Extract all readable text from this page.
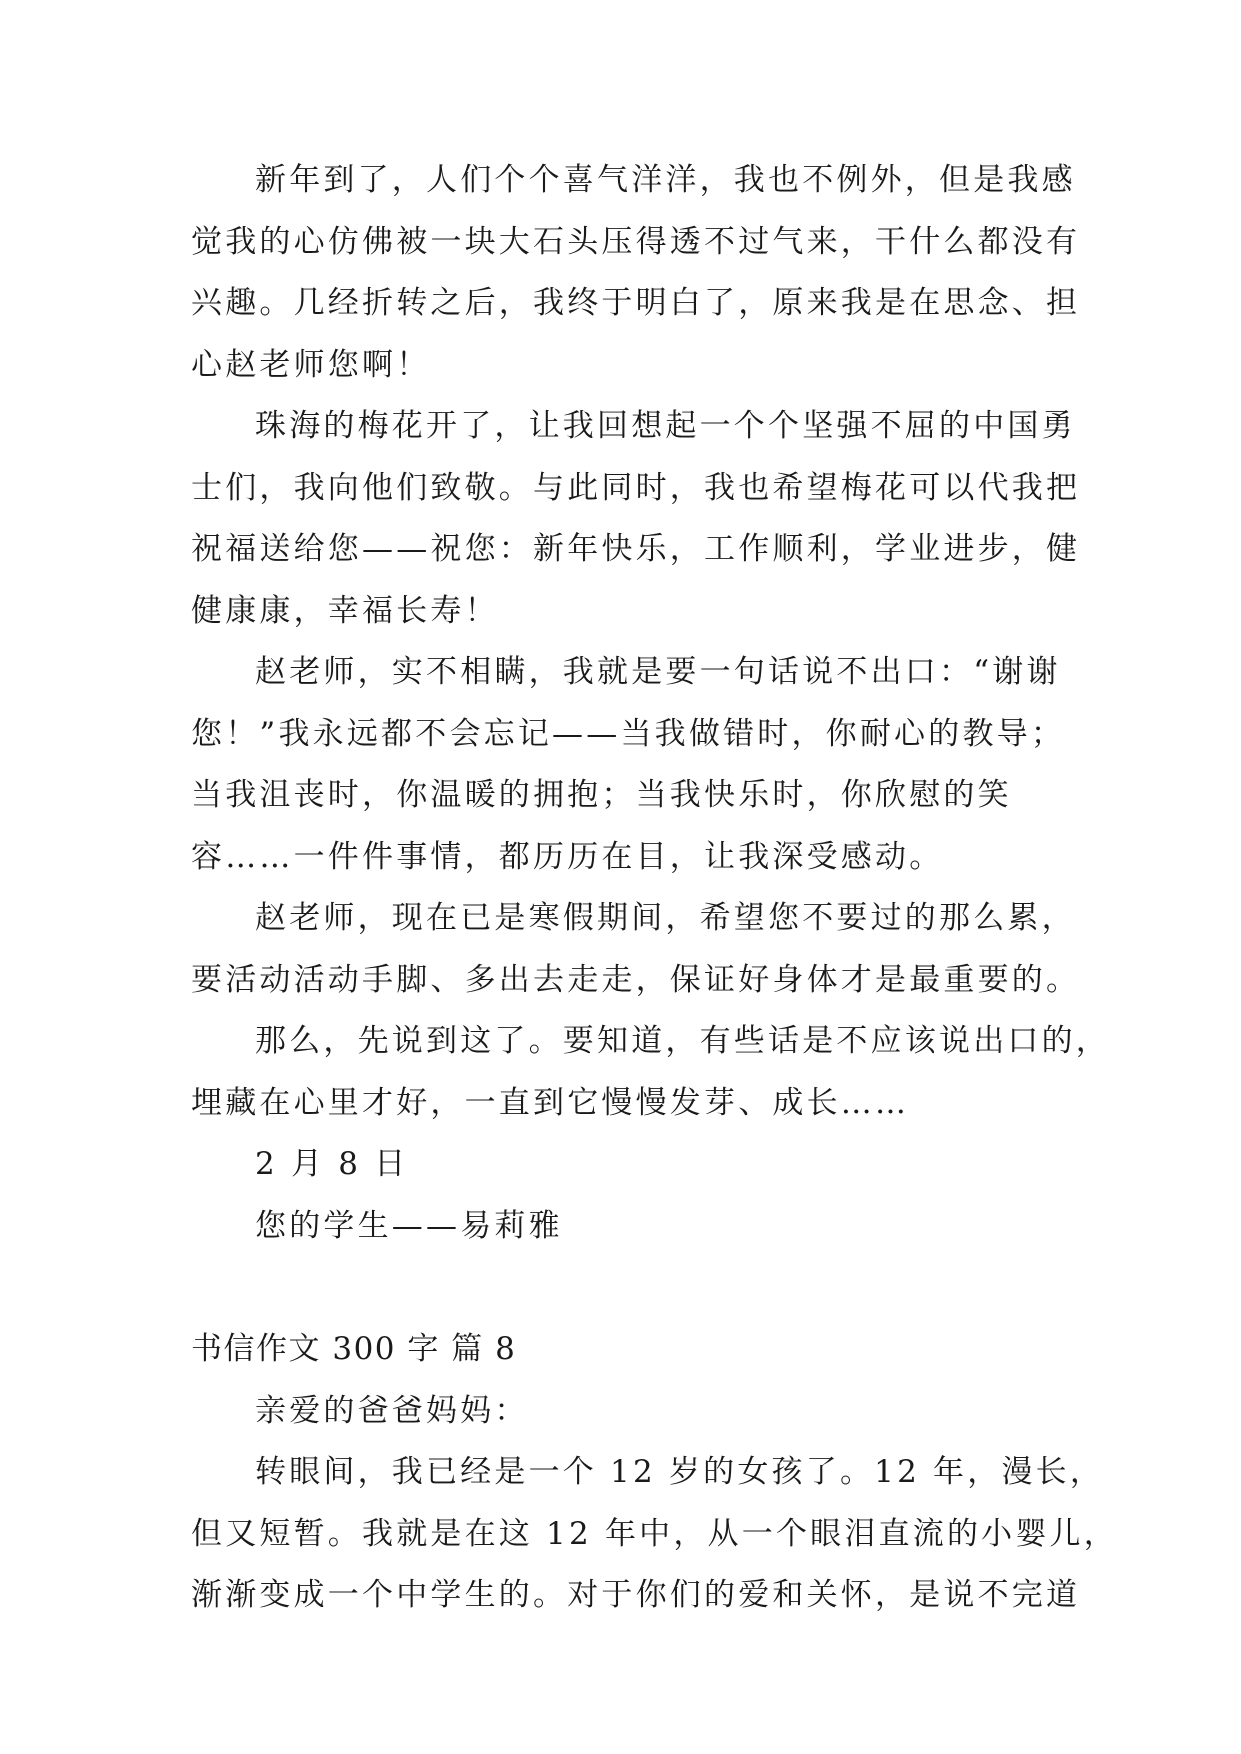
新年到了，人们个个喜气洋洋，我也不例外，但是我感
觉我的心仿佛被一块大石头压得透不过气来，干什么都没有
兴趣。几经折转之后，我终于明白了，原来我是在思念、担
心赵老师您啊！
珠海的梅花开了，让我回想起一个个坚强不屈的中国勇
士们，我向他们致敬。与此同时，我也希望梅花可以代我把
祝福送给您——祝您：新年快乐，工作顺利，学业进步，健
健康康，幸福长寿！
赵老师，实不相瞒，我就是要一句话说不出口：“谢谢
您！”我永远都不会忘记——当我做错时，你耐心的教导；
当我沮丧时，你温暖的拥抱；当我快乐时，你欣慰的笑
容……一件件事情，都历历在目，让我深受感动。
赵老师，现在已是寒假期间，希望您不要过的那么累，
要活动活动手脚、多出去走走，保证好身体才是最重要的。
那么，先说到这了。要知道，有些话是不应该说出口的，
埋藏在心里才好，一直到它慢慢发芽、成长……
2 月 8 日
您的学生——易莉雅
书信作文 300 字 篇 8
亲爱的爸爸妈妈：
转眼间，我已经是一个 12 岁的女孩了。12 年，漫长，
但又短暂。我就是在这 12 年中，从一个眼泪直流的小婴儿，
渐渐变成一个中学生的。对于你们的爱和关怀，是说不完道
